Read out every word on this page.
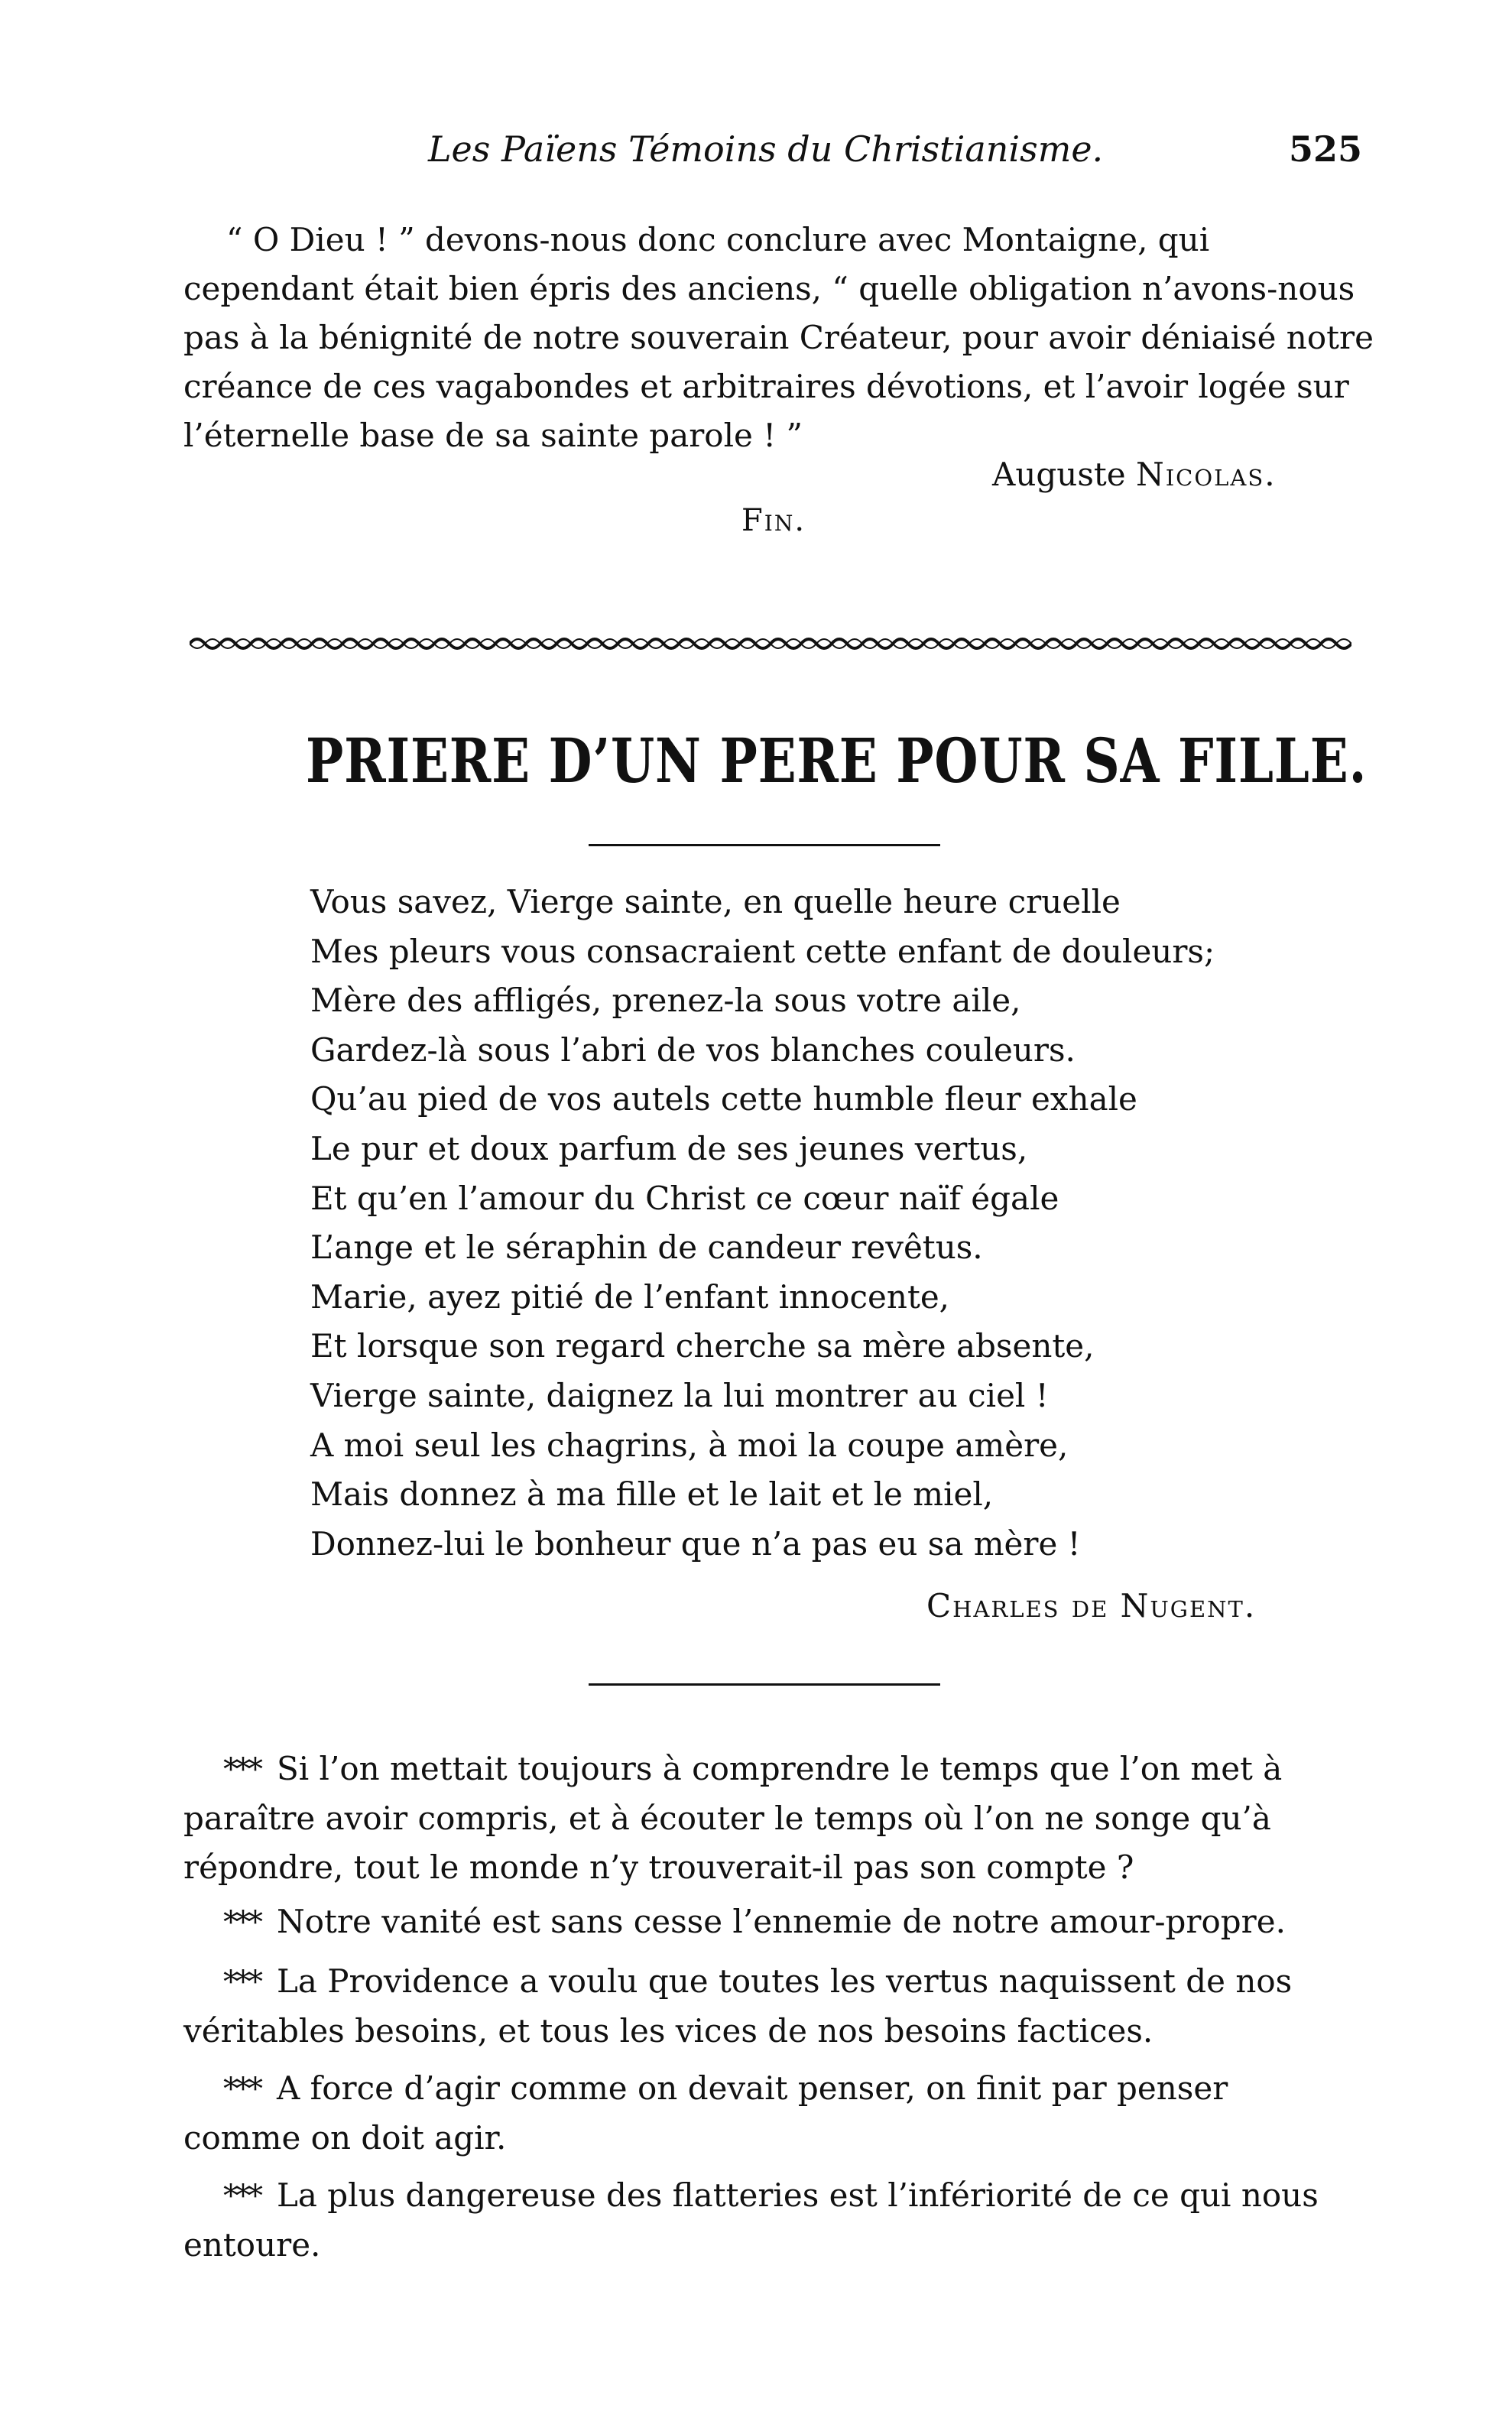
Les Païens Témoins du Christianisme.	525

“ O Dieu ! ” devons-nous donc conclure avec Montaigne, qui
cependant était bien épris des anciens, “ quelle obligation n’avons-nous
pas à la bénignité de notre souverain Créateur, pour avoir déniaisé notre
créance de ces vagabondes et arbitraires dévotions, et l’avoir logée sur
l’éternelle base de sa sainte parole ! ”

Auguste Nicolas.
Fin.
PRIERE D’UN PERE POUR SA FILLE.
Vous savez, Vierge sainte, en quelle heure cruelle
Mes pleurs vous consacraient cette enfant de douleurs;
Mère des affligés, prenez-la sous votre aile,
Gardez-là sous l’abri de vos blanches couleurs.
Qu’au pied de vos autels cette humble fleur exhale
Le pur et doux parfum de ses jeunes vertus,
Et qu’en l’amour du Christ ce cœur naïf égale
L’ange et le séraphin de candeur revêtus.
Marie, ayez pitié de l’enfant innocente,
Et lorsque son regard cherche sa mère absente,
Vierge sainte, daignez la lui montrer au ciel !
A moi seul les chagrins, à moi la coupe amère,
Mais donnez à ma fille et le lait et le miel,
Donnez-lui le bonheur que n’a pas eu sa mère !
Charles de Nugent.

*** Si l’on mettait toujours à comprendre le temps que l’on met à
paraître avoir compris, et à écouter le temps où l’on ne songe qu’à
répondre, tout le monde n’y trouverait-il pas son compte ?

*** Notre vanité est sans cesse l’ennemie de notre amour-propre.

*** La Providence a voulu que toutes les vertus naquissent de nos
véritables besoins, et tous les vices de nos besoins factices.

*** A force d’agir comme on devait penser, on finit par penser
comme on doit agir.

*** La plus dangereuse des flatteries est l’infériorité de ce qui nous
entoure.
